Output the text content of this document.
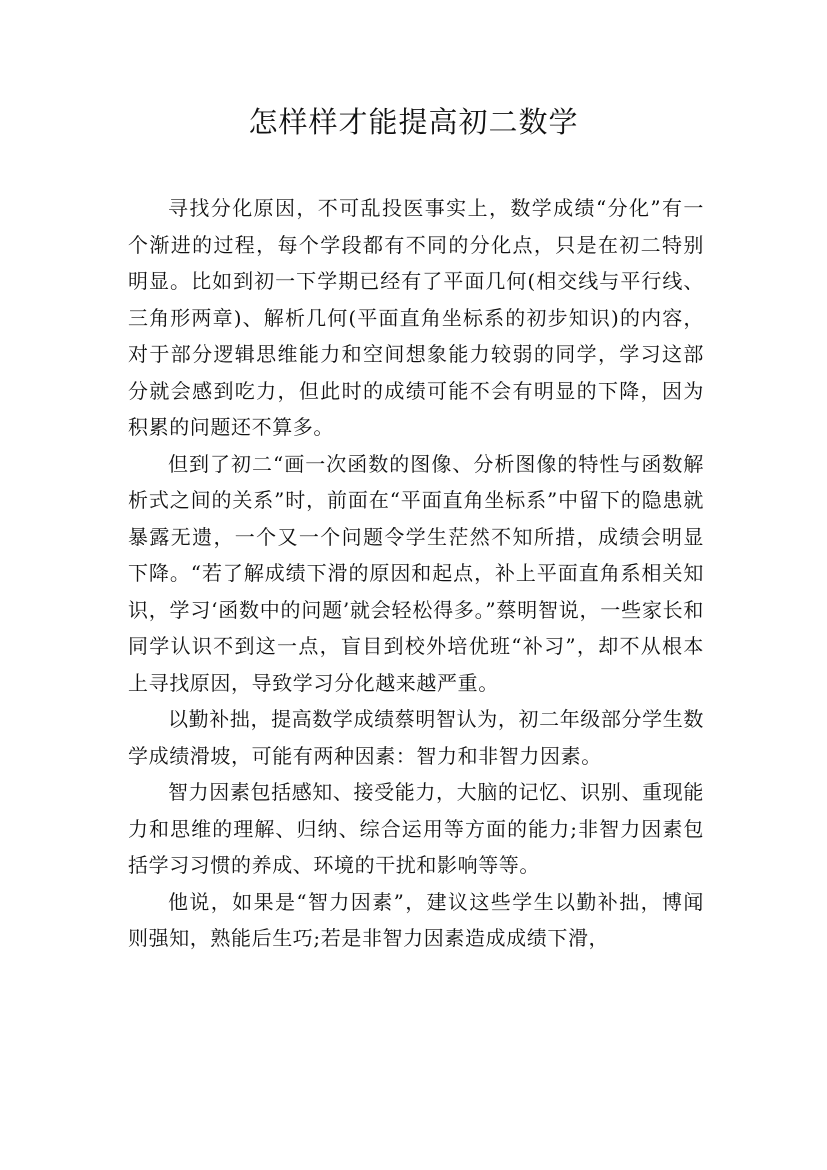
怎样样才能提高初二数学

寻找分化原因，不可乱投医事实上，数学成绩“分化”有一个渐进的过程，每个学段都有不同的分化点，只是在初二特别明显。比如到初一下学期已经有了平面几何(相交线与平行线、三角形两章)、解析几何(平面直角坐标系的初步知识)的内容，对于部分逻辑思维能力和空间想象能力较弱的同学，学习这部分就会感到吃力，但此时的成绩可能不会有明显的下降，因为积累的问题还不算多。

但到了初二“画一次函数的图像、分析图像的特性与函数解析式之间的关系”时，前面在“平面直角坐标系”中留下的隐患就暴露无遗，一个又一个问题令学生茫然不知所措，成绩会明显下降。“若了解成绩下滑的原因和起点，补上平面直角系相关知识，学习‘函数中的问题’就会轻松得多。”蔡明智说，一些家长和同学认识不到这一点，盲目到校外培优班“补习”，却不从根本上寻找原因，导致学习分化越来越严重。

以勤补拙，提高数学成绩蔡明智认为，初二年级部分学生数学成绩滑坡，可能有两种因素：智力和非智力因素。

智力因素包括感知、接受能力，大脑的记忆、识别、重现能力和思维的理解、归纳、综合运用等方面的能力;非智力因素包括学习习惯的养成、环境的干扰和影响等等。

他说，如果是“智力因素”，建议这些学生以勤补拙，博闻则强知，熟能后生巧;若是非智力因素造成成绩下滑，
